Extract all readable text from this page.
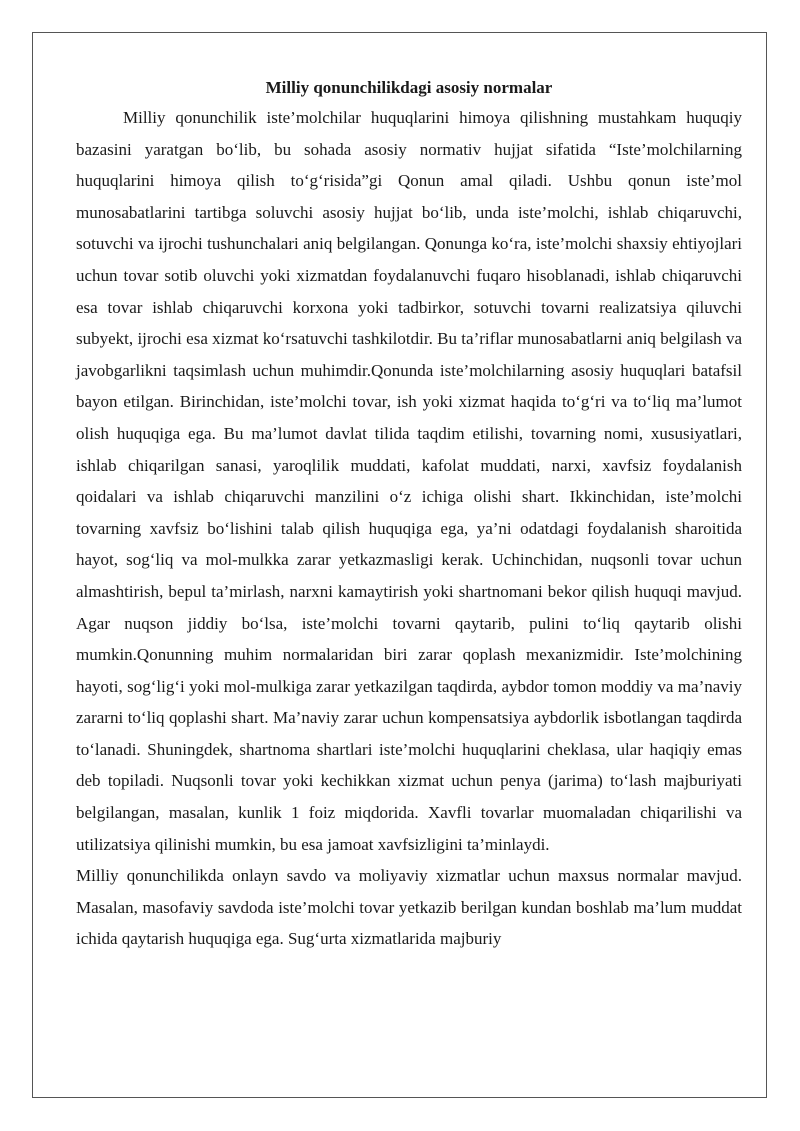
Milliy qonunchilikdagi asosiy normalar

Milliy qonunchilik iste’molchilar huquqlarini himoya qilishning mustahkam huquqiy bazasini yaratgan bo‘lib, bu sohada asosiy normativ hujjat sifatida “Iste’molchilarning huquqlarini himoya qilish to‘g‘risida”gi Qonun amal qiladi. Ushbu qonun iste’mol munosabatlarini tartibga soluvchi asosiy hujjat bo‘lib, unda iste’molchi, ishlab chiqaruvchi, sotuvchi va ijrochi tushunchalari aniq belgilangan. Qonunga ko‘ra, iste’molchi shaxsiy ehtiyojlari uchun tovar sotib oluvchi yoki xizmatdan foydalanuvchi fuqaro hisoblanadi, ishlab chiqaruvchi esa tovar ishlab chiqaruvchi korxona yoki tadbirkor, sotuvchi tovarni realizatsiya qiluvchi subyekt, ijrochi esa xizmat ko‘rsatuvchi tashkilotdir. Bu ta’riflar munosabatlarni aniq belgilash va javobgarlikni taqsimlash uchun muhimdir.Qonunda iste’molchilarning asosiy huquqlari batafsil bayon etilgan. Birinchidan, iste’molchi tovar, ish yoki xizmat haqida to‘g‘ri va to‘liq ma’lumot olish huquqiga ega. Bu ma’lumot davlat tilida taqdim etilishi, tovarning nomi, xususiyatlari, ishlab chiqarilgan sanasi, yaroqlilik muddati, kafolat muddati, narxi, xavfsiz foydalanish qoidalari va ishlab chiqaruvchi manzilini o‘z ichiga olishi shart. Ikkinchidan, iste’molchi tovarning xavfsiz bo‘lishini talab qilish huquqiga ega, ya’ni odatdagi foydalanish sharoitida hayot, sog‘liq va mol-mulkka zarar yetkazmasligi kerak. Uchinchidan, nuqsonli tovar uchun almashtirish, bepul ta’mirlash, narxni kamaytirish yoki shartnomani bekor qilish huquqi mavjud. Agar nuqson jiddiy bo‘lsa, iste’molchi tovarni qaytarib, pulini to‘liq qaytarib olishi mumkin.Qonunning muhim normalaridan biri zarar qoplash mexanizmidir. Iste’molchining hayoti, sog‘lig‘i yoki mol-mulkiga zarar yetkazilgan taqdirda, aybdor tomon moddiy va ma’naviy zararni to‘liq qoplashi shart. Ma’naviy zarar uchun kompensatsiya aybdorlik isbotlangan taqdirda to‘lanadi. Shuningdek, shartnoma shartlari iste’molchi huquqlarini cheklasa, ular haqiqiy emas deb topiladi. Nuqsonli tovar yoki kechikkan xizmat uchun penya (jarima) to‘lash majburiyati belgilangan, masalan, kunlik 1 foiz miqdorida. Xavfli tovarlar muomaladan chiqarilishi va utilizatsiya qilinishi mumkin, bu esa jamoat xavfsizligini ta’minlaydi.

Milliy qonunchilikda onlayn savdo va moliyaviy xizmatlar uchun maxsus normalar mavjud. Masalan, masofaviy savdoda iste’molchi tovar yetkazib berilgan kundan boshlab ma’lum muddat ichida qaytarish huquqiga ega. Sug‘urta xizmatlarida majburiy
